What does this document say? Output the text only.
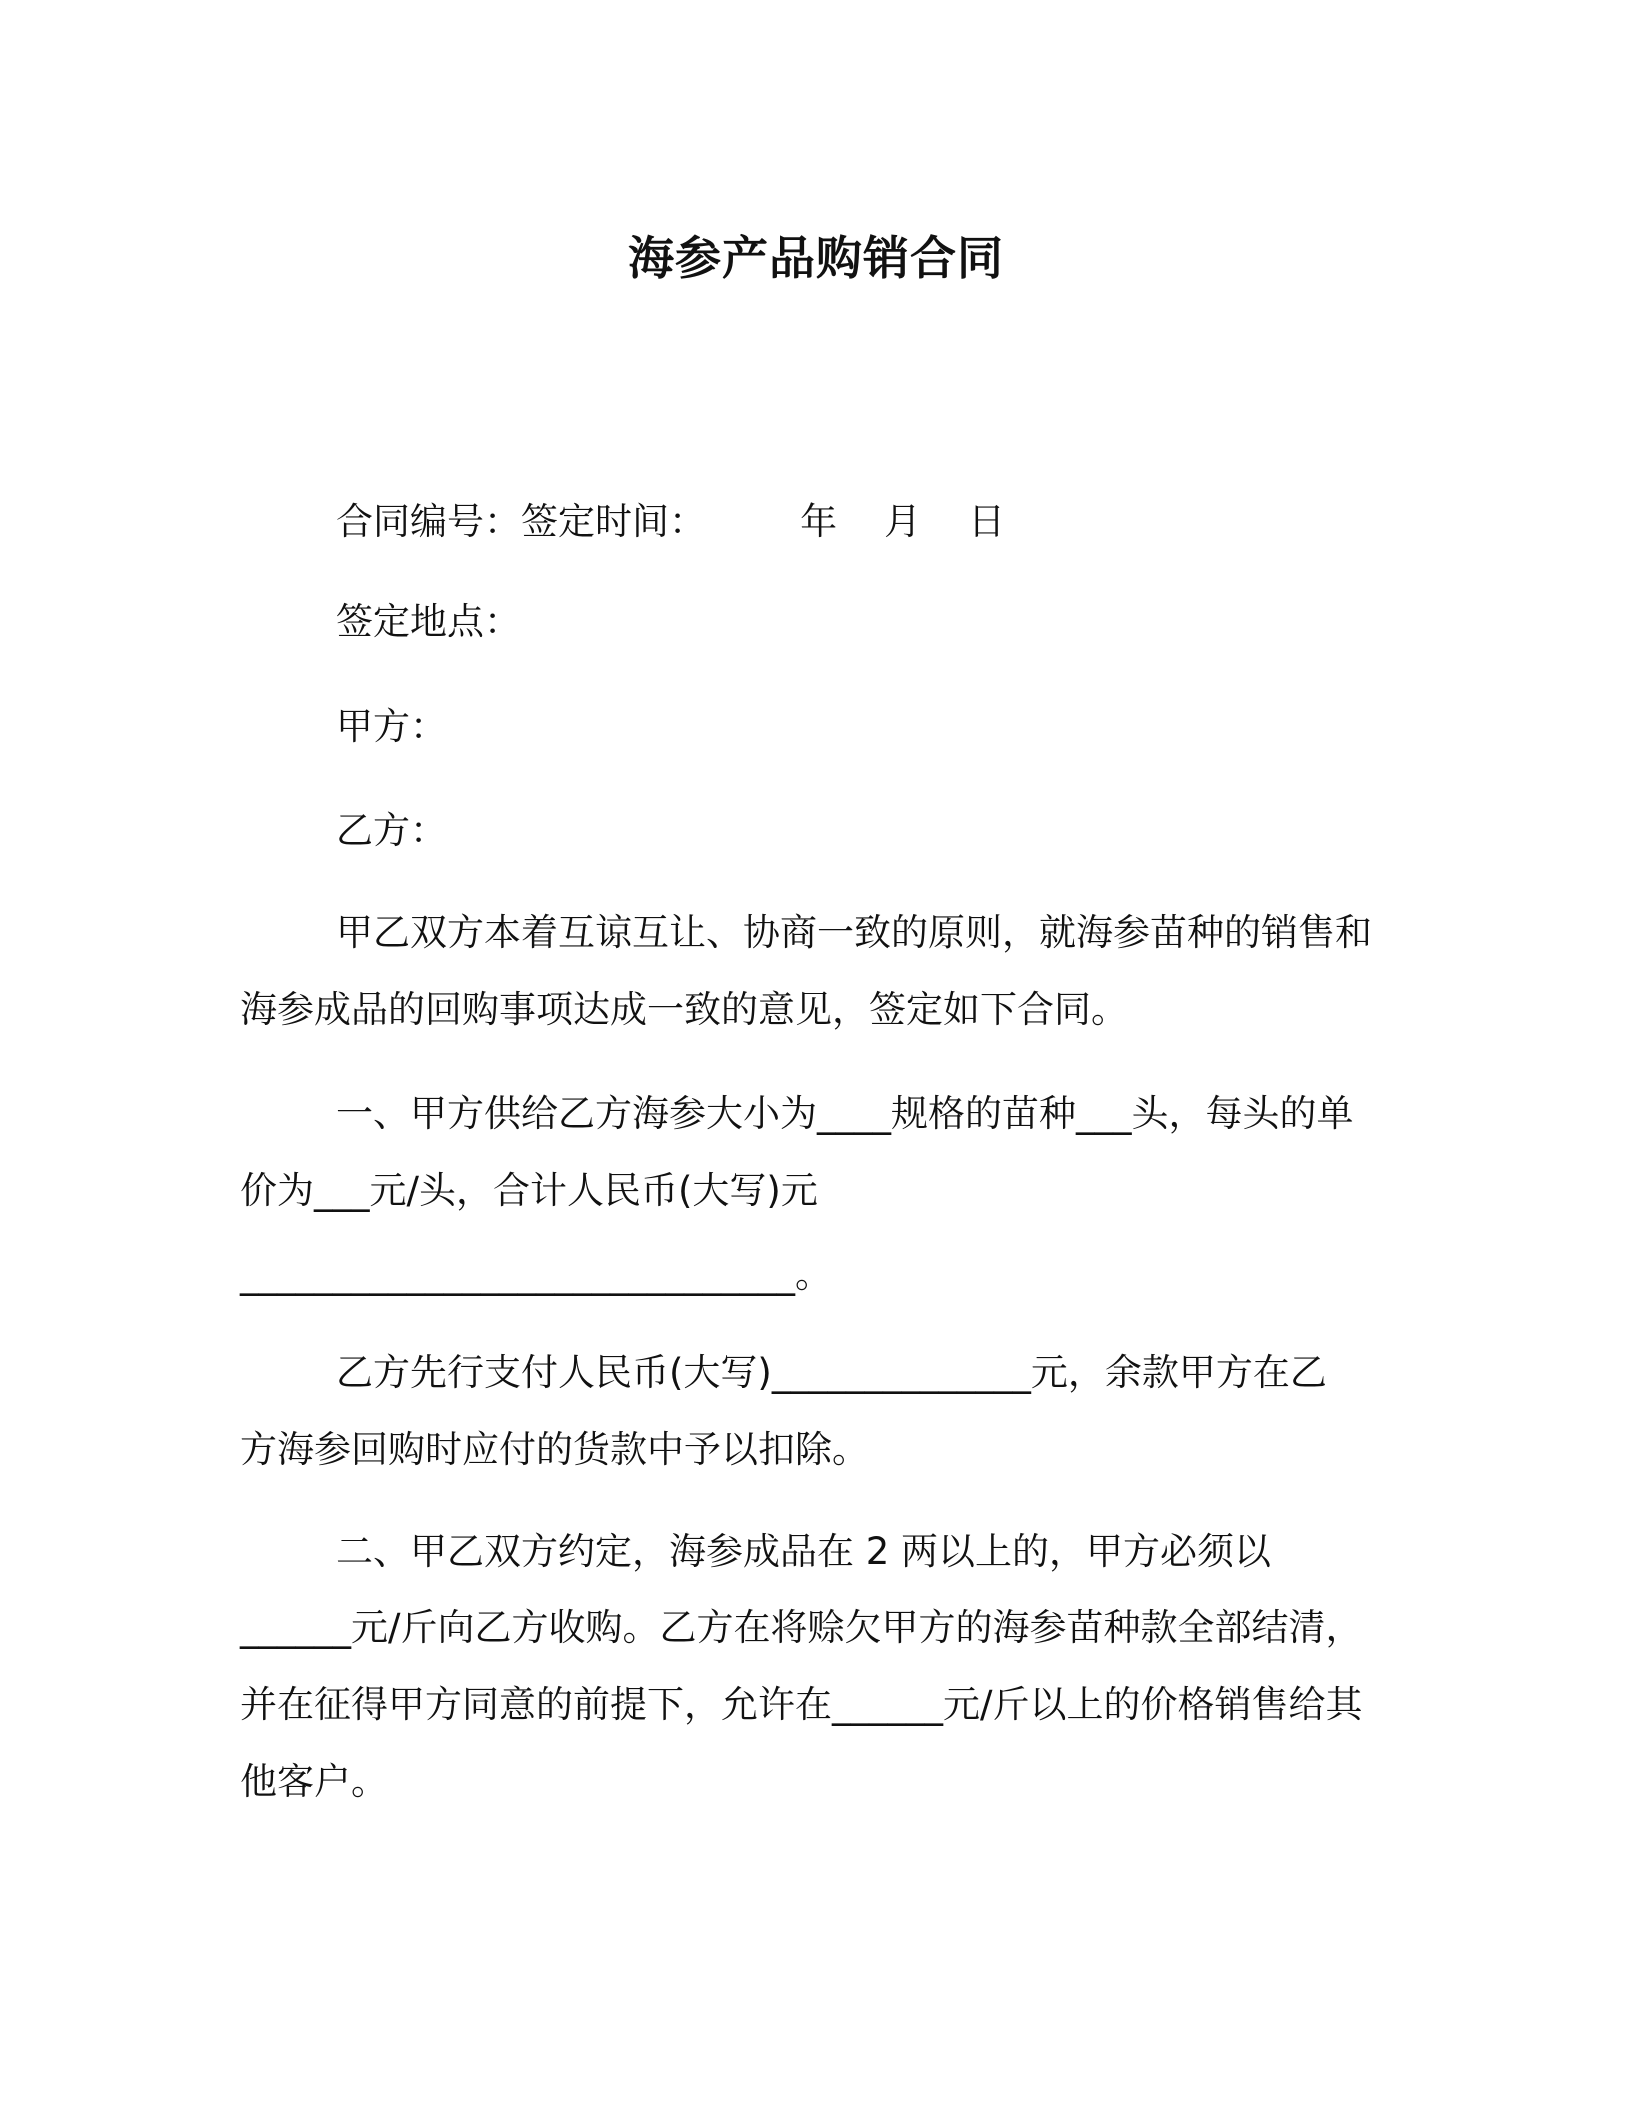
海参产品购销合同

合同编号：签定时间：        年    月    日

签定地点：

甲方：

乙方：

甲乙双方本着互谅互让、协商一致的原则，就海参苗种的销售和

海参成品的回购事项达成一致的意见，签定如下合同。

一、甲方供给乙方海参大小为____规格的苗种___头，每头的单

价为___元/头，合计人民币(大写)元

______________________________。

乙方先行支付人民币(大写)______________元，余款甲方在乙

方海参回购时应付的货款中予以扣除。

二、甲乙双方约定，海参成品在 2 两以上的，甲方必须以

______元/斤向乙方收购。乙方在将赊欠甲方的海参苗种款全部结清，

并在征得甲方同意的前提下，允许在______元/斤以上的价格销售给其

他客户。
